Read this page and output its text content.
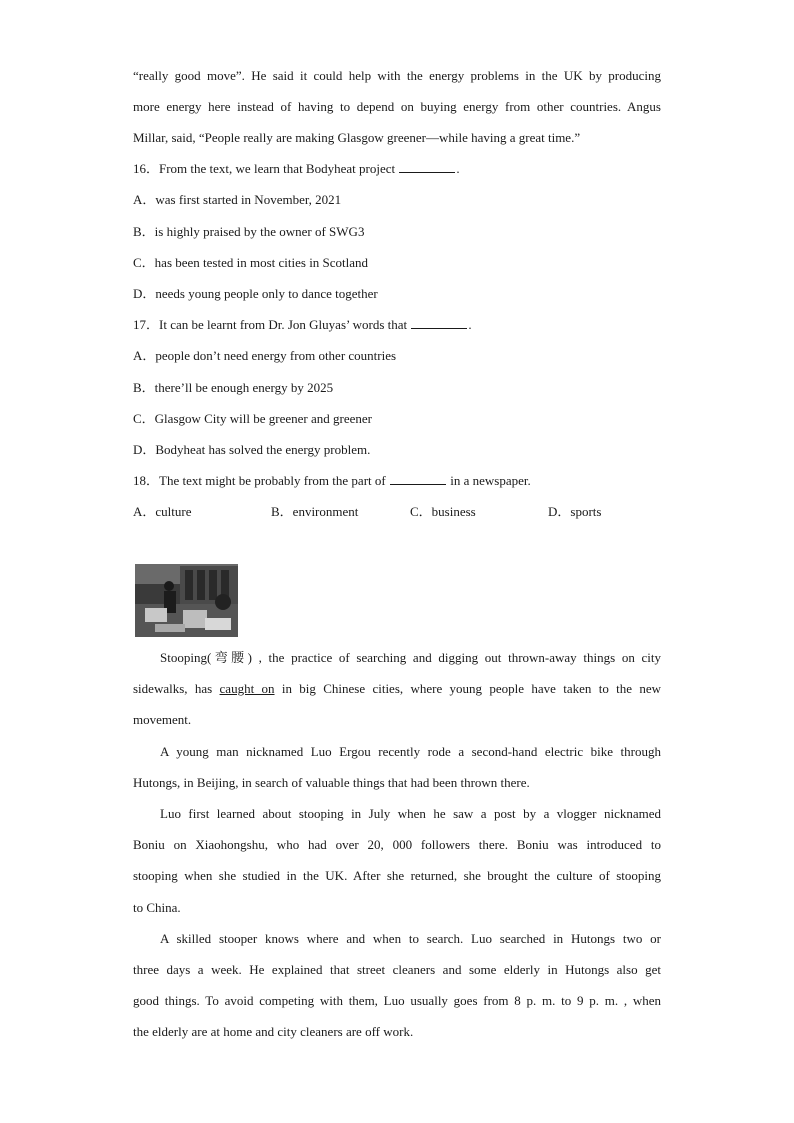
“really good move”. He said it could help with the energy problems in the UK by producing
more energy here instead of having to depend on buying energy from other countries. Angus
Millar, said, “People really are making Glasgow greener—while having a great time.”
16．From the text, we learn that Bodyheat project	.
A．was first started in November, 2021
B．is highly praised by the owner of SWG3
C．has been tested in most cities in Scotland
D．needs young people only to dance together
17．It can be learnt from Dr. Jon Gluyas’ words that	.
A．people don’t need energy from other countries
B．there’ll be enough energy by 2025
C．Glasgow City will be greener and greener
D．Bodyheat has solved the energy problem.
18．The text might be probably from the part of	in a newspaper.
A．culture	B．environment	C．business	D．sports
Stooping(弯腰) , the practice of searching and digging out thrown-away things on city
sidewalks, has caught on in big Chinese cities, where young people have taken to the new
movement.
A young man nicknamed Luo Ergou recently rode a second-hand electric bike through
Hutongs, in Beijing, in search of valuable things that had been thrown there.
Luo first learned about stooping in July when he saw a post by a vlogger nicknamed
Boniu on Xiaohongshu, who had over 20, 000 followers there. Boniu was introduced to
stooping when she studied in the UK. After she returned, she brought the culture of stooping
to China.
A skilled stooper knows where and when to search. Luo searched in Hutongs two or
three days a week. He explained that street cleaners and some elderly in Hutongs also get
good things. To avoid competing with them, Luo usually goes from 8 p. m. to 9 p. m. , when
the elderly are at home and city cleaners are off work.
